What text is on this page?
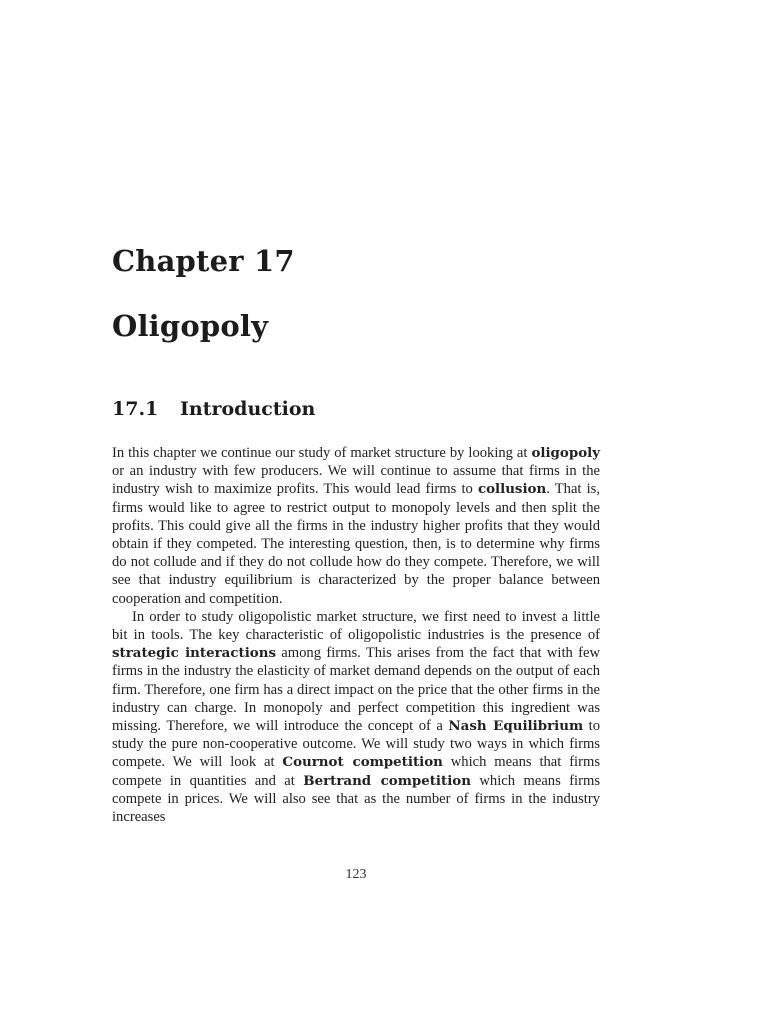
Chapter 17
Oligopoly
17.1 Introduction

In this chapter we continue our study of market structure by looking at oligopoly or an industry with few producers. We will continue to assume that firms in the industry wish to maximize profits. This would lead firms to collusion. That is, firms would like to agree to restrict output to monopoly levels and then split the profits. This could give all the firms in the industry higher profits that they would obtain if they competed. The interesting question, then, is to determine why firms do not collude and if they do not collude how do they compete. Therefore, we will see that industry equilibrium is characterized by the proper balance between cooperation and competition.

In order to study oligopolistic market structure, we first need to invest a little bit in tools. The key characteristic of oligopolistic industries is the presence of strategic interactions among firms. This arises from the fact that with few firms in the industry the elasticity of market demand depends on the output of each firm. Therefore, one firm has a direct impact on the price that the other firms in the industry can charge. In monopoly and perfect competition this ingredient was missing. Therefore, we will introduce the concept of a Nash Equilibrium to study the pure non-cooperative outcome. We will study two ways in which firms compete. We will look at Cournot competition which means that firms compete in quantities and at Bertrand competition which means firms compete in prices. We will also see that as the number of firms in the industry increases

123
